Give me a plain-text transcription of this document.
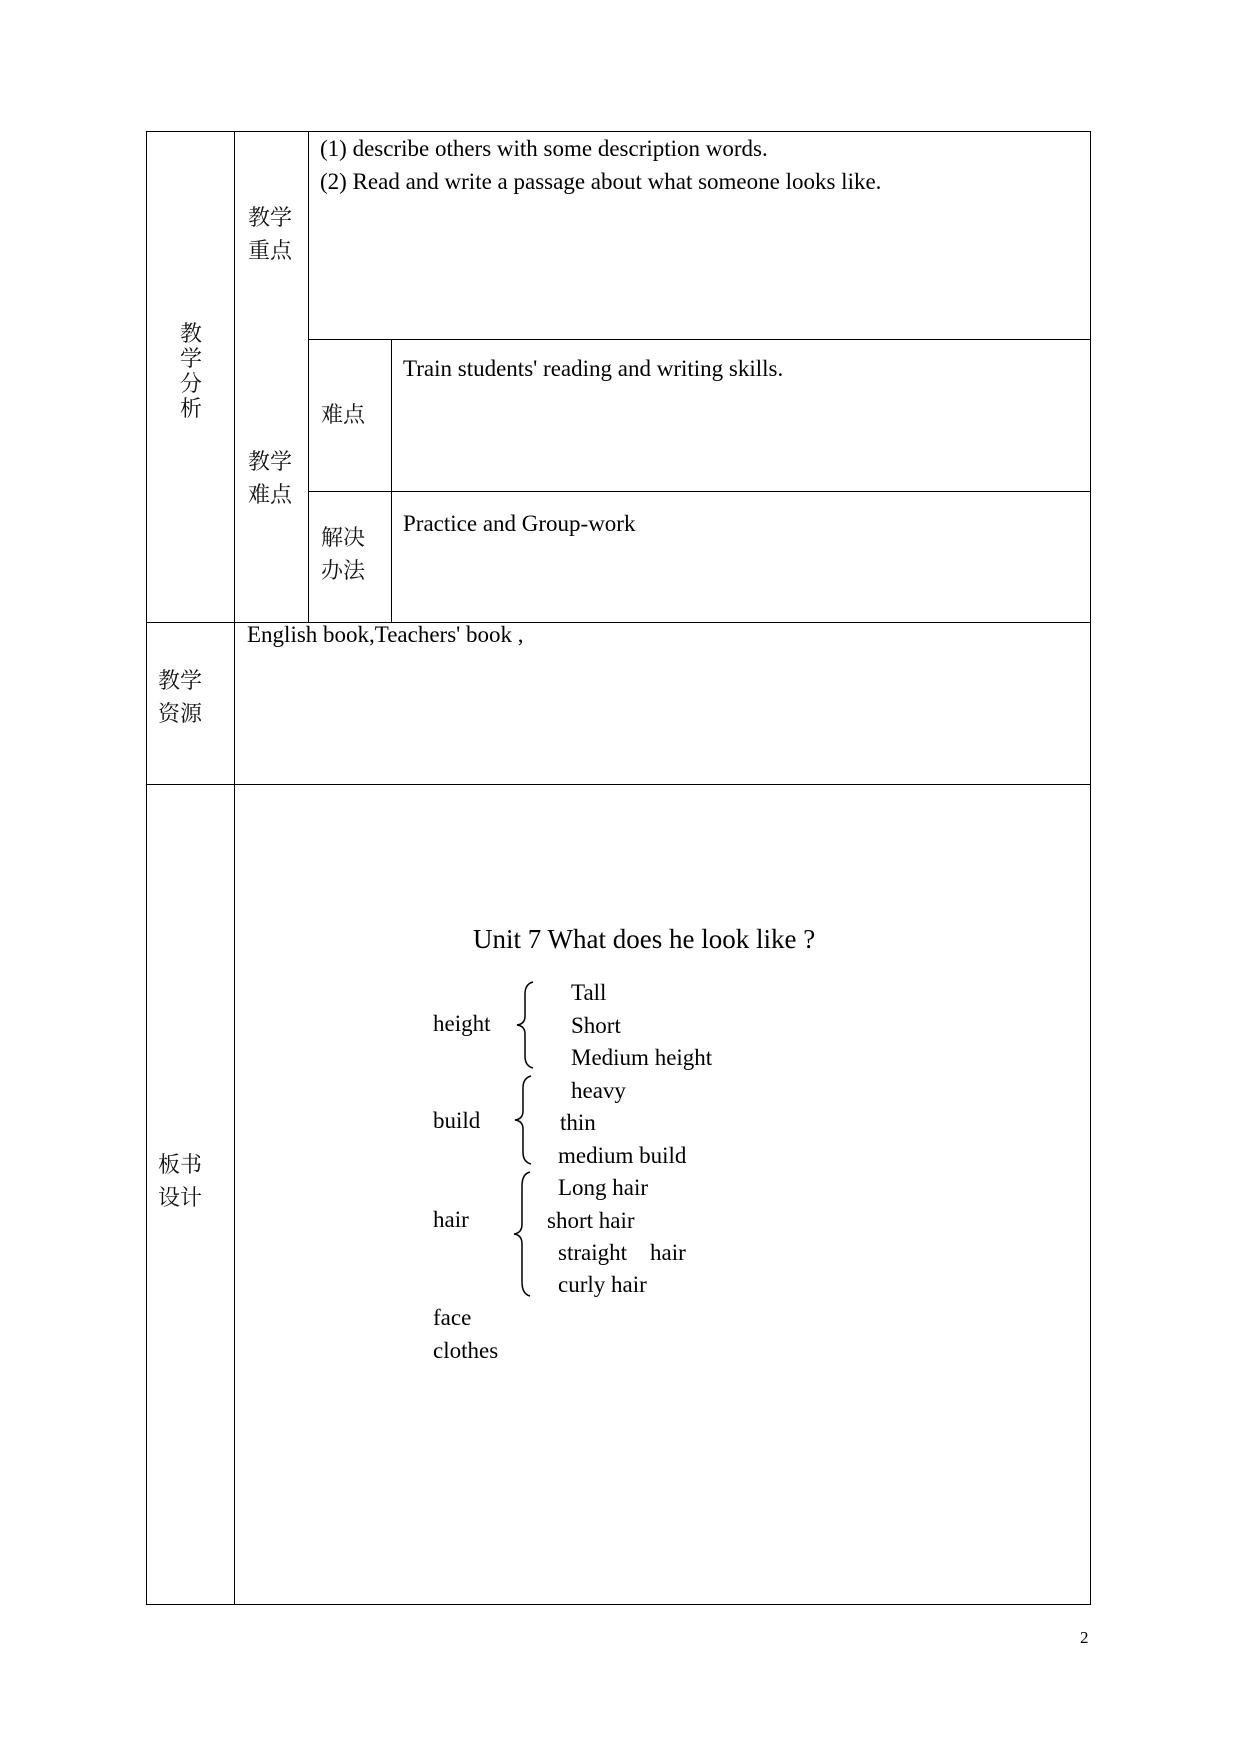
教学分析
教学
重点
(1) describe others with some description words.
(2) Read and write a passage about what someone looks like.
教学
难点
难点
Train students' reading and writing skills.
解决
办法
Practice and Group-work
教学
资源
English book,Teachers' book ,
板书
设计
Unit 7 What does he look like ?
height
Tall
Short
Medium height
build
heavy
thin
medium build
hair
Long hair
short hair
straight    hair
curly hair
face
clothes
2
